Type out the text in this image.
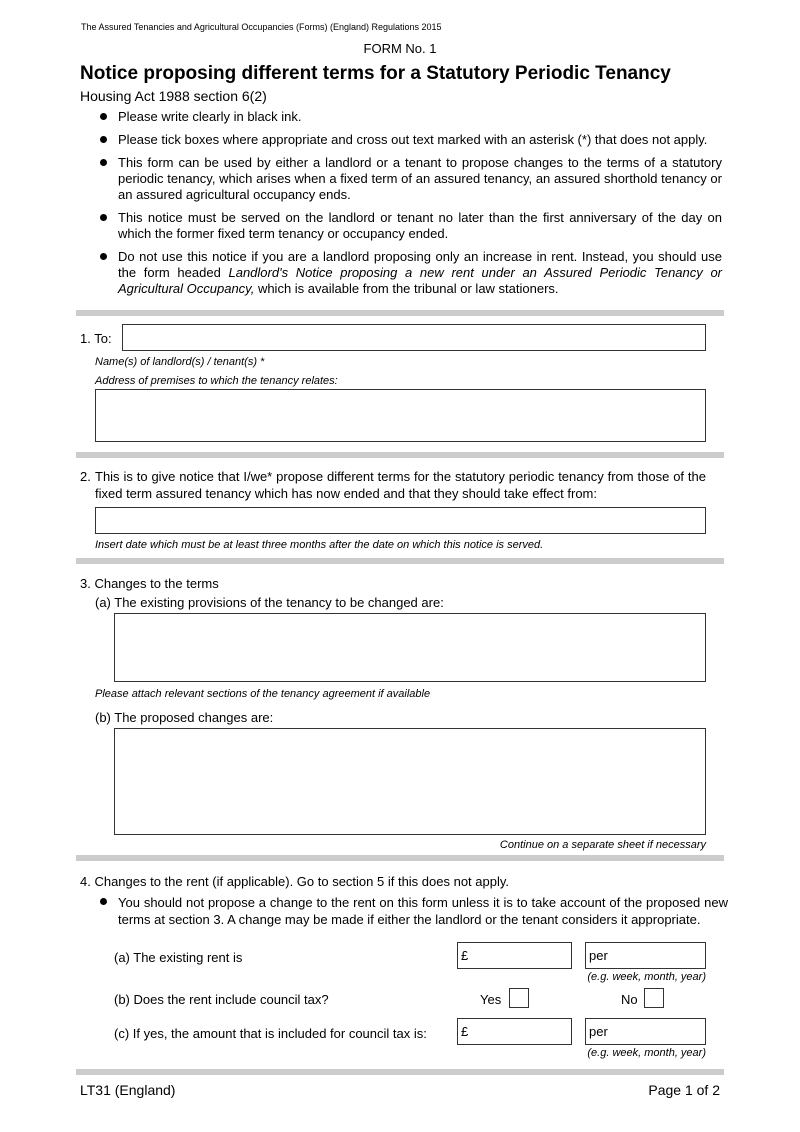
The Assured Tenancies and Agricultural Occupancies (Forms) (England) Regulations 2015
FORM No. 1
Notice proposing different terms for a Statutory Periodic Tenancy
Housing Act 1988 section 6(2)
Please write clearly in black ink.
Please tick boxes where appropriate and cross out text marked with an asterisk (*) that does not apply.
This form can be used by either a landlord or a tenant to propose changes to the terms of a statutory periodic tenancy, which arises when a fixed term of an assured tenancy, an assured shorthold tenancy or an assured agricultural occupancy ends.
This notice must be served on the landlord or tenant no later than the first anniversary of the day on which the former fixed term tenancy or occupancy ended.
Do not use this notice if you are a landlord proposing only an increase in rent. Instead, you should use the form headed Landlord's Notice proposing a new rent under an Assured Periodic Tenancy or Agricultural Occupancy, which is available from the tribunal or law stationers.
1. To:
Name(s) of landlord(s) / tenant(s) *
Address of premises to which the tenancy relates:
2. This is to give notice that I/we* propose different terms for the statutory periodic tenancy from those of the fixed term assured tenancy which has now ended and that they should take effect from:
Insert date which must be at least three months after the date on which this notice is served.
3. Changes to the terms
(a) The existing provisions of the tenancy to be changed are:
Please attach relevant sections of the tenancy agreement if available
(b) The proposed changes are:
Continue on a separate sheet if necessary
4. Changes to the rent (if applicable). Go to section 5 if this does not apply.
You should not propose a change to the rent on this form unless it is to take account of the proposed new terms at section 3. A change may be made if either the landlord or the tenant considers it appropriate.
(a) The existing rent is	£	per
(e.g. week, month, year)
(b) Does the rent include council tax?	Yes	No
(c) If yes, the amount that is included for council tax is:	£	per
(e.g. week, month, year)
LT31 (England)	Page 1 of 2
